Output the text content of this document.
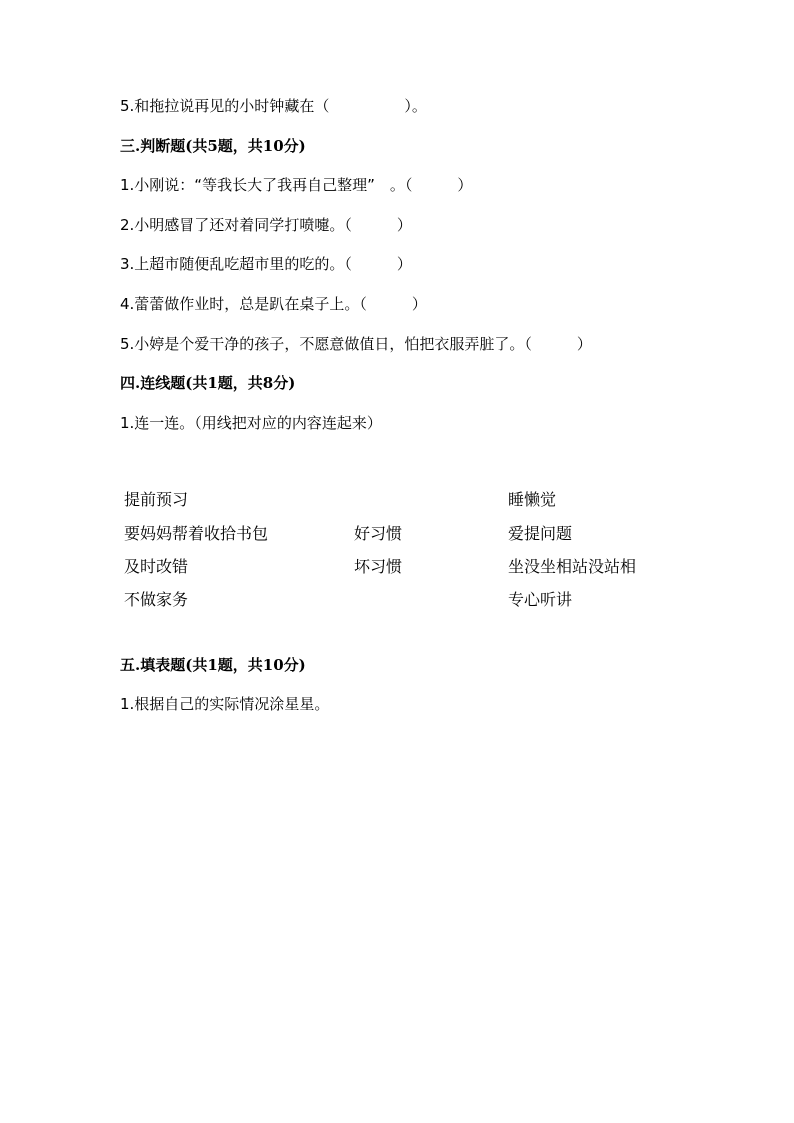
5.和拖拉说再见的小时钟藏在（　　　　　）。
三.判断题(共5题，共10分)
1.小刚说：“等我长大了我再自己整理”　。（　　　）
2.小明感冒了还对着同学打喷嚏。（　　　）
3.上超市随便乱吃超市里的吃的。（　　　）
4.蕾蕾做作业时，总是趴在桌子上。（　　　）
5.小婷是个爱干净的孩子，不愿意做值日，怕把衣服弄脏了。（　　　）
四.连线题(共1题，共8分)
1.连一连。（用线把对应的内容连起来）
提前预习
要妈妈帮着收拾书包
及时改错
不做家务
好习惯
坏习惯
睡懒觉
爱提问题
坐没坐相站没站相
专心听讲
五.填表题(共1题，共10分)
1.根据自己的实际情况涂星星。
